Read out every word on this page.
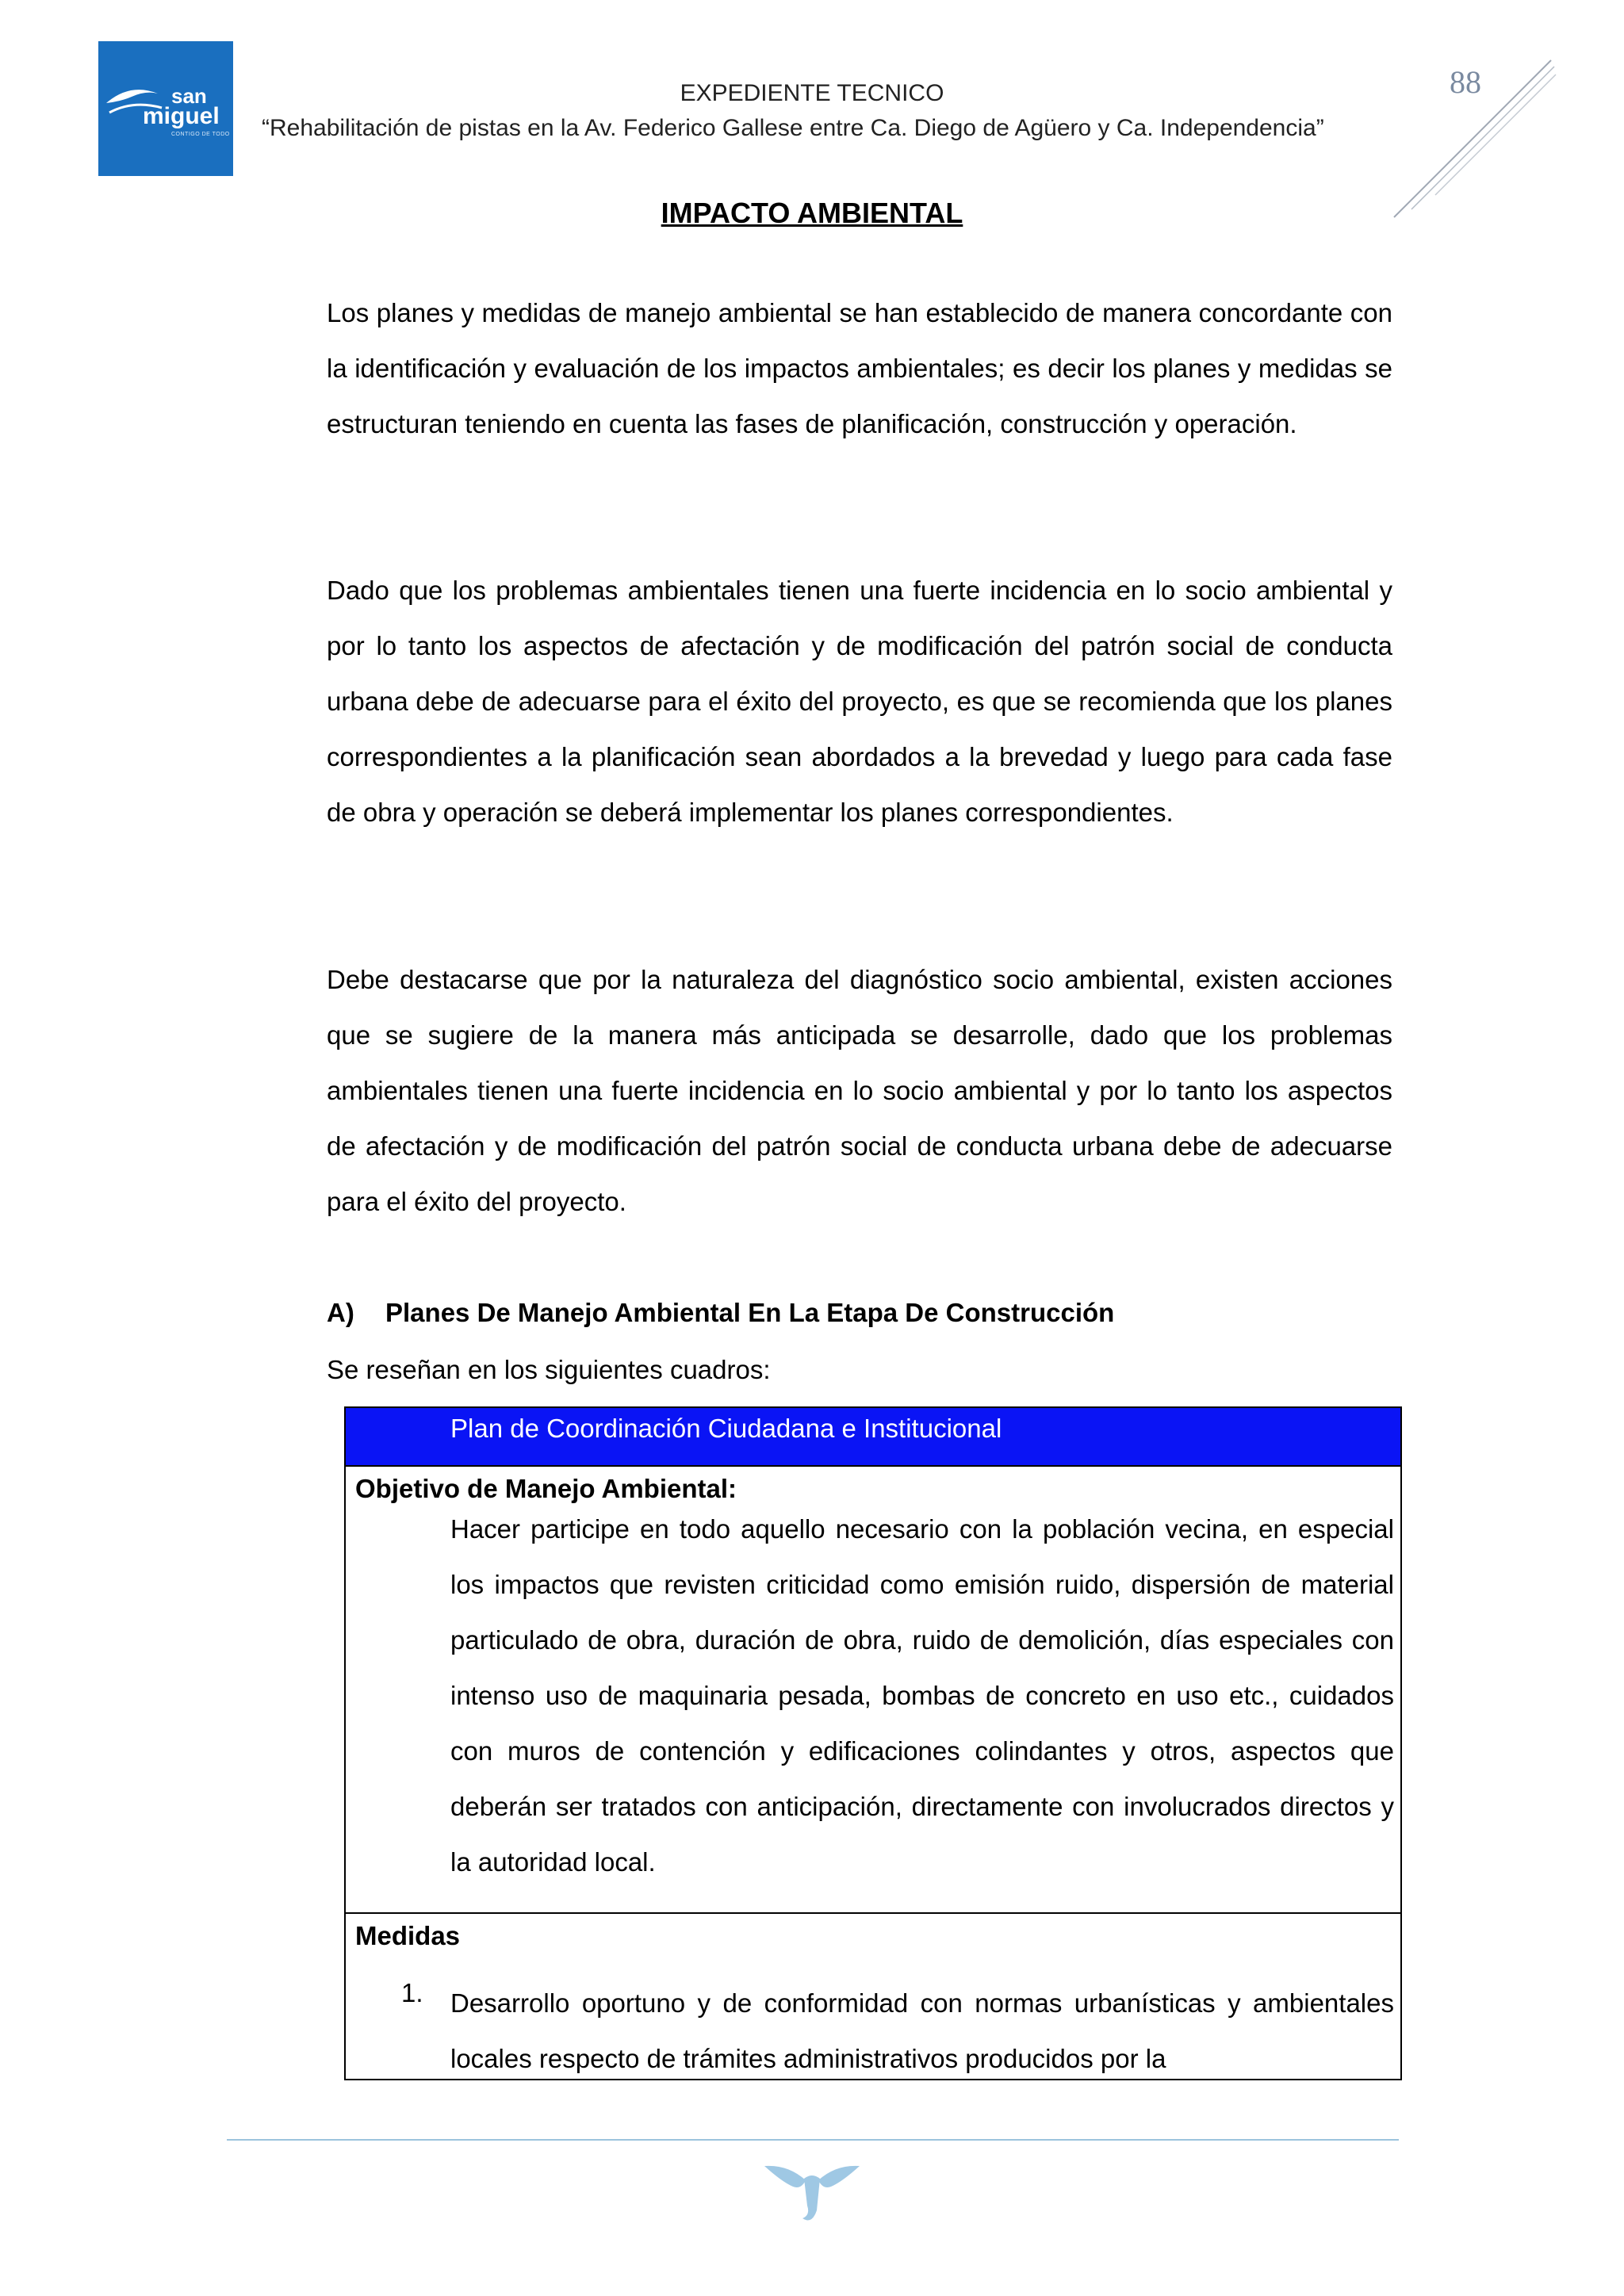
san
miguel
CONTIGO DE TODO
EXPEDIENTE TECNICO
“Rehabilitación de pistas en la Av. Federico Gallese entre Ca. Diego de Agüero y Ca. Independencia”
88
IMPACTO AMBIENTAL

Los planes y medidas de manejo ambiental se han establecido de manera concordante con la identificación y evaluación de los impactos ambientales; es decir los planes y medidas se estructuran teniendo en cuenta las fases de planificación, construcción y operación.

Dado que los problemas ambientales tienen una fuerte incidencia en lo socio ambiental y por lo tanto los aspectos de afectación y de modificación del patrón social de conducta urbana debe de adecuarse para el éxito del proyecto, es que se recomienda que los planes correspondientes a la planificación sean abordados a la brevedad y luego para cada fase de obra y operación se deberá implementar los planes correspondientes.

Debe destacarse que por la naturaleza del diagnóstico socio ambiental, existen acciones que se sugiere de la manera más anticipada se desarrolle, dado que los problemas ambientales tienen una fuerte incidencia en lo socio ambiental y por lo tanto los aspectos de afectación y de modificación del patrón social de conducta urbana debe de adecuarse para el éxito del proyecto.

A) Planes De Manejo Ambiental En La Etapa De Construcción
Se reseñan en los siguientes cuadros:
Plan de Coordinación Ciudadana e Institucional
Objetivo de Manejo Ambiental:

Hacer participe en todo aquello necesario con la población vecina, en especial los impactos que revisten criticidad como emisión ruido, dispersión de material particulado de obra, duración de obra, ruido de demolición, días especiales con intenso uso de maquinaria pesada, bombas de concreto en uso etc., cuidados con muros de contención y edificaciones colindantes y otros, aspectos que deberán ser tratados con anticipación, directamente con involucrados directos y la autoridad local.

Medidas
1. Desarrollo oportuno y de conformidad con normas urbanísticas y ambientales locales respecto de trámites administrativos producidos por la
